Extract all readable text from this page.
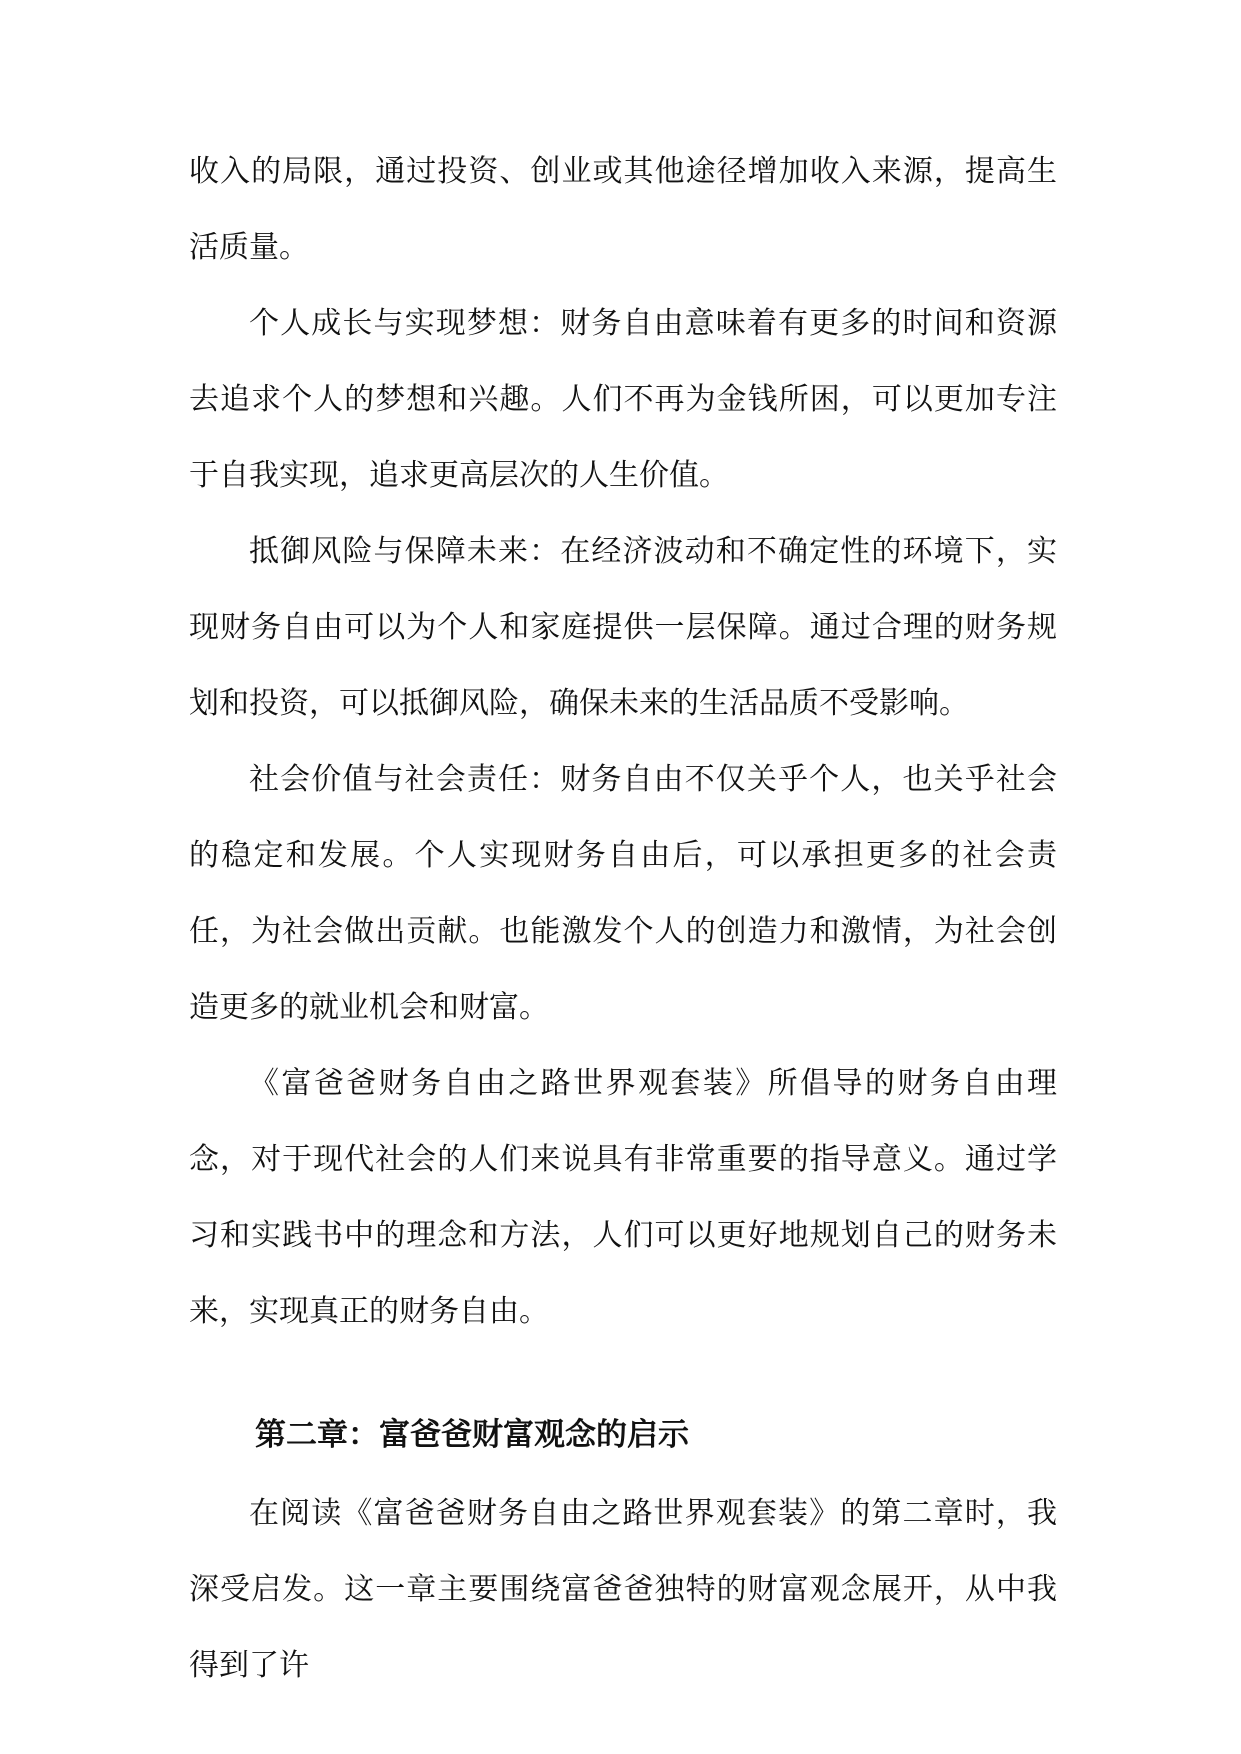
收入的局限，通过投资、创业或其他途径增加收入来源，提高生活质量。

个人成长与实现梦想：财务自由意味着有更多的时间和资源去追求个人的梦想和兴趣。人们不再为金钱所困，可以更加专注于自我实现，追求更高层次的人生价值。

抵御风险与保障未来：在经济波动和不确定性的环境下，实现财务自由可以为个人和家庭提供一层保障。通过合理的财务规划和投资，可以抵御风险，确保未来的生活品质不受影响。

社会价值与社会责任：财务自由不仅关乎个人，也关乎社会的稳定和发展。个人实现财务自由后，可以承担更多的社会责任，为社会做出贡献。也能激发个人的创造力和激情，为社会创造更多的就业机会和财富。

《富爸爸财务自由之路世界观套装》所倡导的财务自由理念，对于现代社会的人们来说具有非常重要的指导意义。通过学习和实践书中的理念和方法，人们可以更好地规划自己的财务未来，实现真正的财务自由。

第二章：富爸爸财富观念的启示

在阅读《富爸爸财务自由之路世界观套装》的第二章时，我深受启发。这一章主要围绕富爸爸独特的财富观念展开，从中我得到了许
